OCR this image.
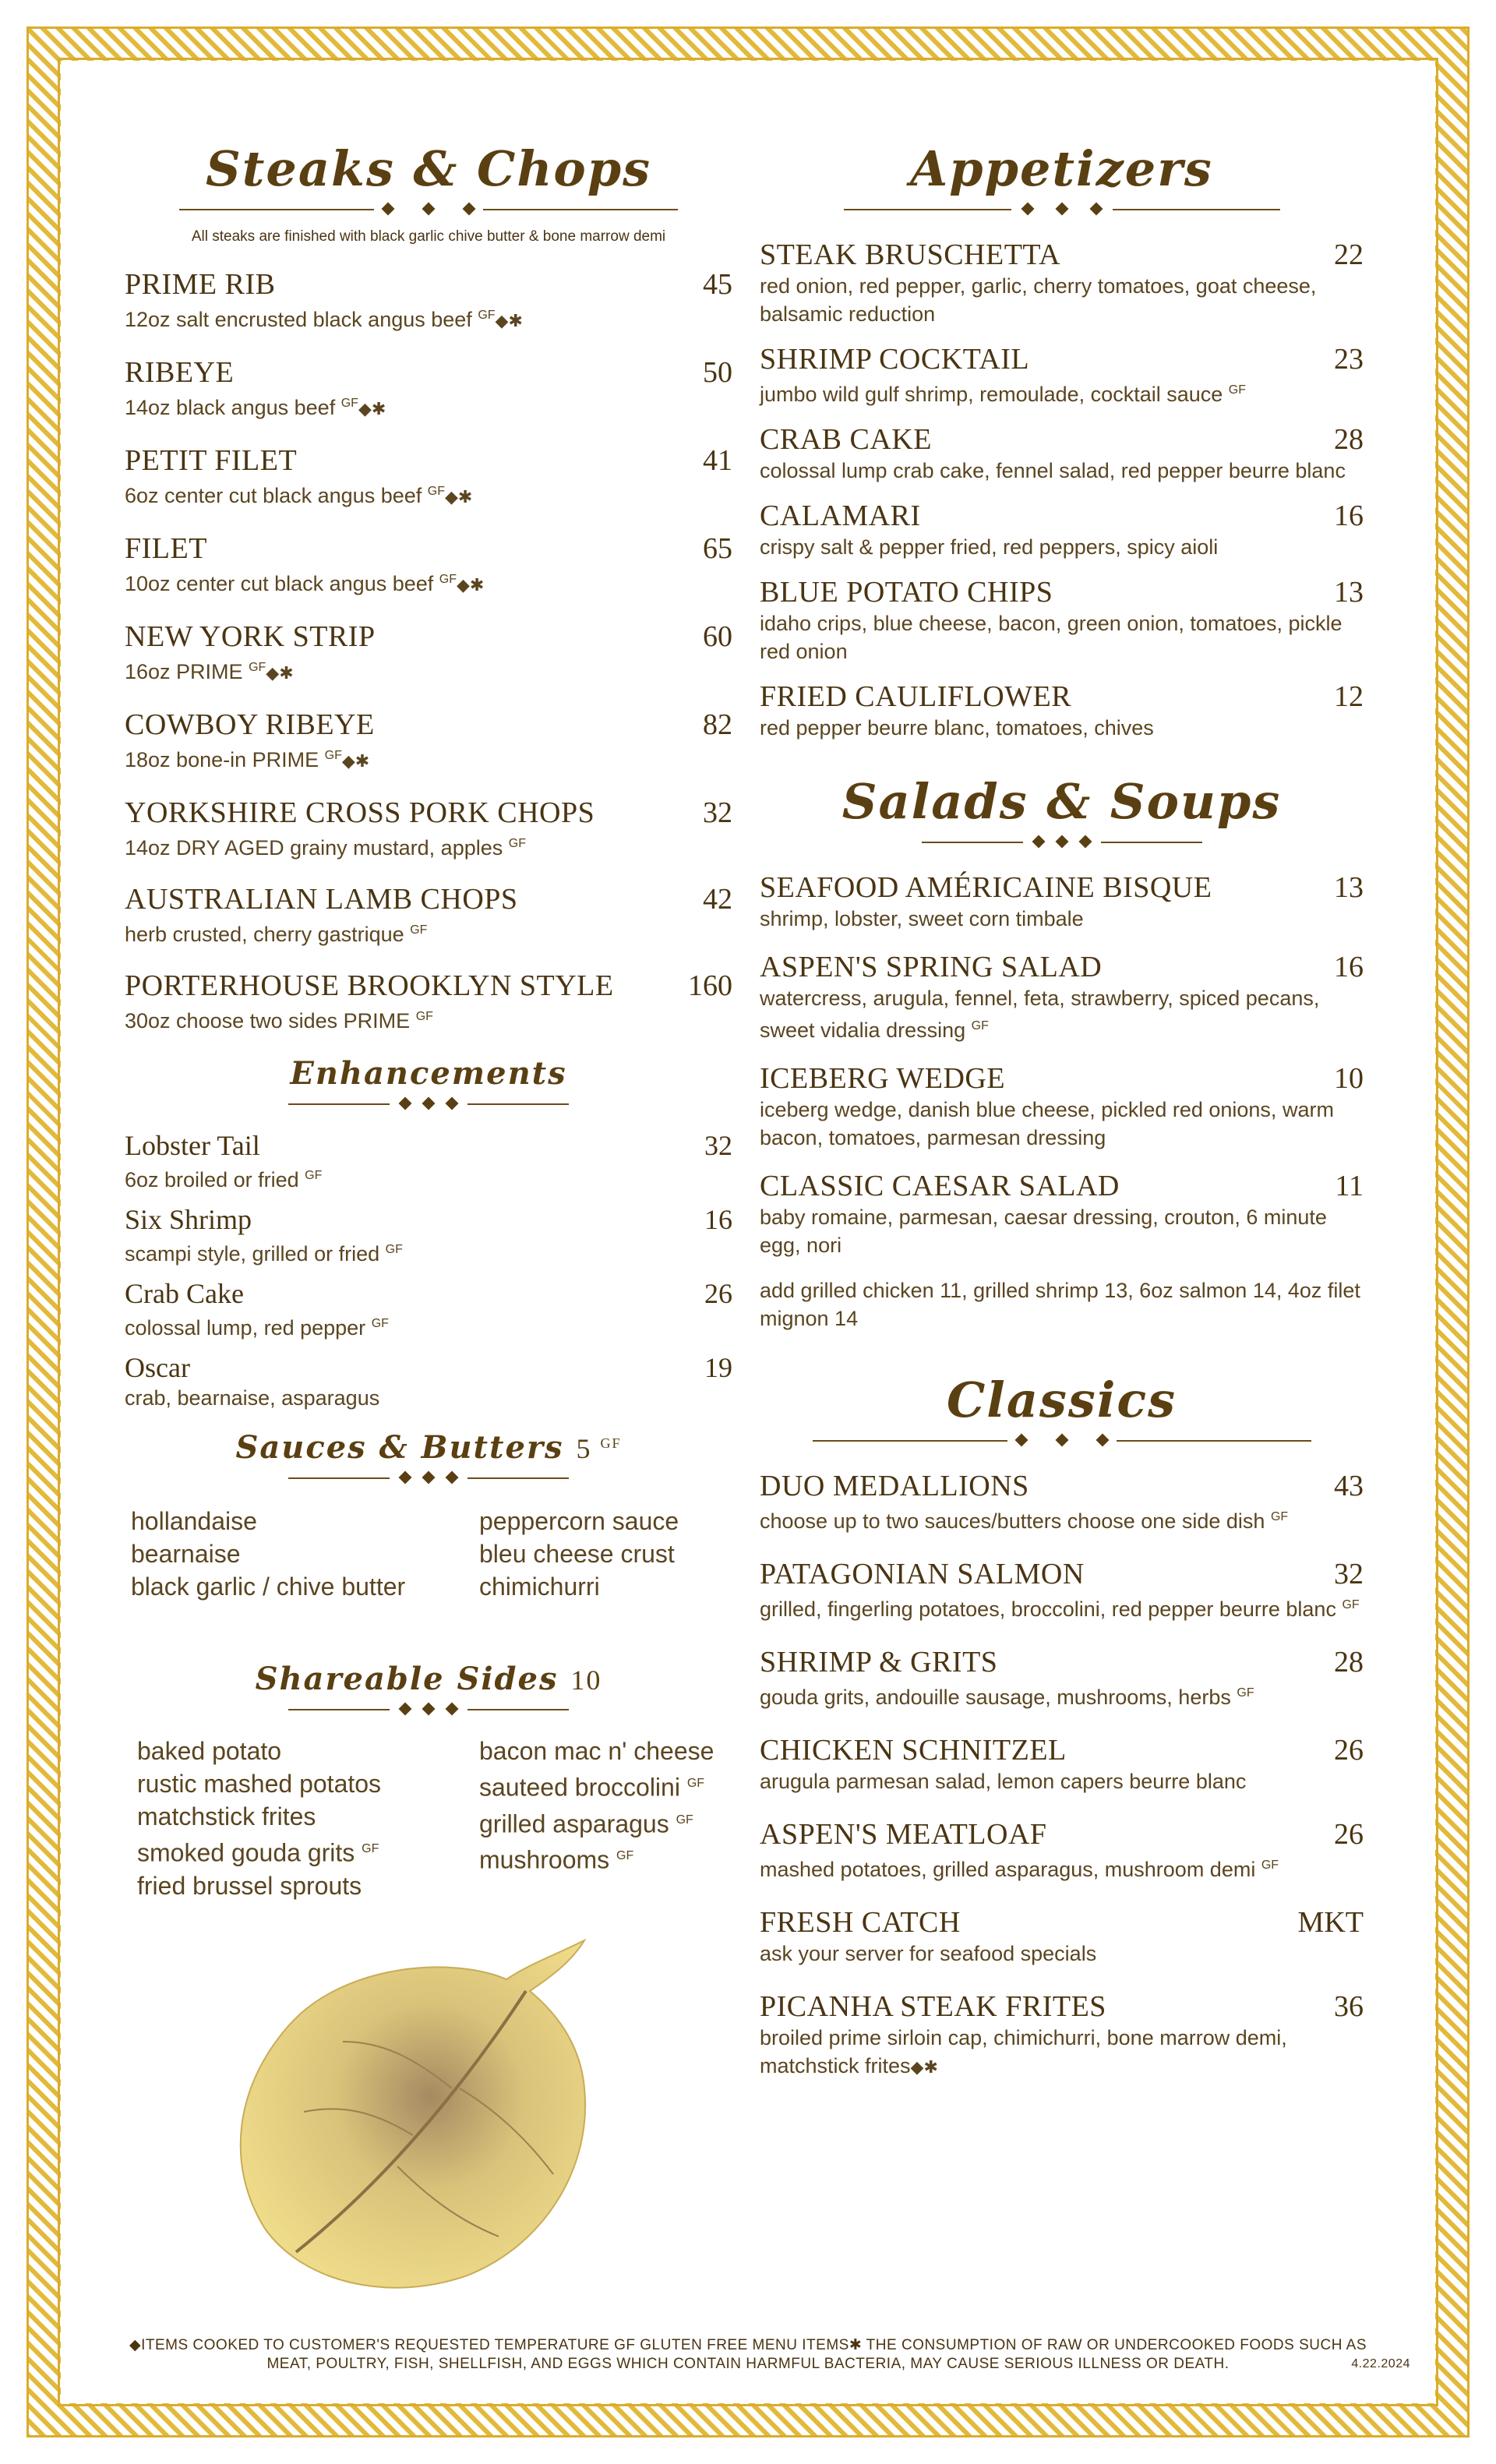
Steaks & Chops

All steaks are finished with black garlic chive butter & bone marrow demi

PRIME RIB	45
12oz salt encrusted black angus beef $^{GF}$◆✱
RIBEYE	50
14oz black angus beef $^{GF}$◆✱
PETIT FILET	41
6oz center cut black angus beef $^{GF}$◆✱
FILET	65
10oz center cut black angus beef $^{GF}$◆✱
NEW YORK STRIP	60
16oz PRIME $^{GF}$◆✱
COWBOY RIBEYE	82
18oz bone-in PRIME $^{GF}$◆✱
YORKSHIRE CROSS PORK CHOPS	32
14oz DRY AGED grainy mustard, apples $^{GF}$
AUSTRALIAN LAMB CHOPS	42
herb crusted, cherry gastrique $^{GF}$
PORTERHOUSE BROOKLYN STYLE	160
30oz choose two sides PRIME $^{GF}$
Enhancements
Lobster Tail	32
6oz broiled or fried $^{GF}$
Six Shrimp	16
scampi style, grilled or fried $^{GF}$
Crab Cake	26
colossal lump, red pepper $^{GF}$
Oscar	19
crab, bearnaise, asparagus
Sauces & Butters 5 $^{GF}$
hollandaise
bearnaise
black garlic / chive butter
peppercorn sauce
bleu cheese crust
chimichurri
Shareable Sides 10
baked potato
rustic mashed potatos
matchstick frites
smoked gouda grits $^{GF}$
fried brussel sprouts
bacon mac n' cheese
sauteed broccolini $^{GF}$
grilled asparagus $^{GF}$
mushrooms $^{GF}$
Appetizers
STEAK BRUSCHETTA	22
red onion, red pepper, garlic, cherry tomatoes, goat cheese, balsamic reduction
SHRIMP COCKTAIL	23
jumbo wild gulf shrimp, remoulade, cocktail sauce $^{GF}$
CRAB CAKE	28
colossal lump crab cake, fennel salad, red pepper beurre blanc
CALAMARI	16
crispy salt & pepper fried, red peppers, spicy aioli
BLUE POTATO CHIPS	13
idaho crips, blue cheese, bacon, green onion, tomatoes, pickle red onion
FRIED CAULIFLOWER	12
red pepper beurre blanc, tomatoes, chives
Salads & Soups
SEAFOOD AMÉRICAINE BISQUE	13
shrimp, lobster, sweet corn timbale
ASPEN'S SPRING SALAD	16
watercress, arugula, fennel, feta, strawberry, spiced pecans, sweet vidalia dressing $^{GF}$
ICEBERG WEDGE	10
iceberg wedge, danish blue cheese, pickled red onions, warm bacon, tomatoes, parmesan dressing
CLASSIC CAESAR SALAD	11
baby romaine, parmesan, caesar dressing, crouton, 6 minute egg, nori
add grilled chicken 11, grilled shrimp 13, 6oz salmon 14, 4oz filet mignon 14
Classics
DUO MEDALLIONS	43
choose up to two sauces/butters choose one side dish $^{GF}$
PATAGONIAN SALMON	32
grilled, fingerling potatoes, broccolini, red pepper beurre blanc $^{GF}$
SHRIMP & GRITS	28
gouda grits, andouille sausage, mushrooms, herbs $^{GF}$
CHICKEN SCHNITZEL	26
arugula parmesan salad, lemon capers beurre blanc
ASPEN'S MEATLOAF	26
mashed potatoes, grilled asparagus, mushroom demi $^{GF}$
FRESH CATCH	MKT
ask your server for seafood specials
PICANHA STEAK FRITES	36
broiled prime sirloin cap, chimichurri, bone marrow demi, matchstick frites◆✱
◆ITEMS COOKED TO CUSTOMER'S REQUESTED TEMPERATURE GF GLUTEN FREE MENU ITEMS✱ THE CONSUMPTION OF RAW OR UNDERCOOKED FOODS SUCH AS
MEAT, POULTRY, FISH, SHELLFISH, AND EGGS WHICH CONTAIN HARMFUL BACTERIA, MAY CAUSE SERIOUS ILLNESS OR DEATH.	4.22.2024
